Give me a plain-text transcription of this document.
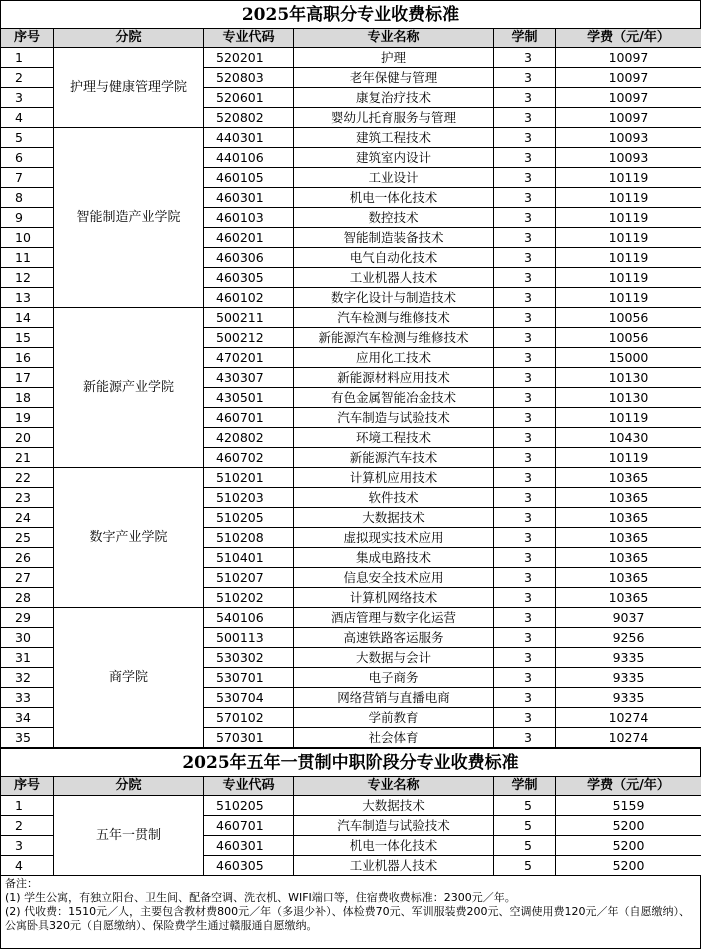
2025年高职分专业收费标准
序号	分院	专业代码	专业名称	学制	学费（元/年）
1	护理与健康管理学院	520201	护理	3	10097
2		520803	老年保健与管理	3	10097
3		520601	康复治疗技术	3	10097
4		520802	婴幼儿托育服务与管理	3	10097
5	智能制造产业学院	440301	建筑工程技术	3	10093
6		440106	建筑室内设计	3	10093
7		460105	工业设计	3	10119
8		460301	机电一体化技术	3	10119
9		460103	数控技术	3	10119
10		460201	智能制造装备技术	3	10119
11		460306	电气自动化技术	3	10119
12		460305	工业机器人技术	3	10119
13		460102	数字化设计与制造技术	3	10119
14	新能源产业学院	500211	汽车检测与维修技术	3	10056
15		500212	新能源汽车检测与维修技术	3	10056
16		470201	应用化工技术	3	15000
17		430307	新能源材料应用技术	3	10130
18		430501	有色金属智能冶金技术	3	10130
19		460701	汽车制造与试验技术	3	10119
20		420802	环境工程技术	3	10430
21		460702	新能源汽车技术	3	10119
22	数字产业学院	510201	计算机应用技术	3	10365
23		510203	软件技术	3	10365
24		510205	大数据技术	3	10365
25		510208	虚拟现实技术应用	3	10365
26		510401	集成电路技术	3	10365
27		510207	信息安全技术应用	3	10365
28		510202	计算机网络技术	3	10365
29	商学院	540106	酒店管理与数字化运营	3	9037
30		500113	高速铁路客运服务	3	9256
31		530302	大数据与会计	3	9335
32		530701	电子商务	3	9335
33		530704	网络营销与直播电商	3	9335
34		570102	学前教育	3	10274
35		570301	社会体育	3	10274
2025年五年一贯制中职阶段分专业收费标准
序号	分院	专业代码	专业名称	学制	学费（元/年）
1	五年一贯制	510205	大数据技术	5	5159
2		460701	汽车制造与试验技术	5	5200
3		460301	机电一体化技术	5	5200
4		460305	工业机器人技术	5	5200
备注：
(1) 学生公寓，有独立阳台、卫生间、配备空调、洗衣机、WIFI端口等，住宿费收费标准：2300元／年。
(2) 代收费：1510元／人，主要包含教材费800元／年（多退少补）、体检费70元、军训服装费200元、空调使用费120元／年（自愿缴纳）、公寓卧具320元（自愿缴纳）、保险费学生通过赣服通自愿缴纳。
